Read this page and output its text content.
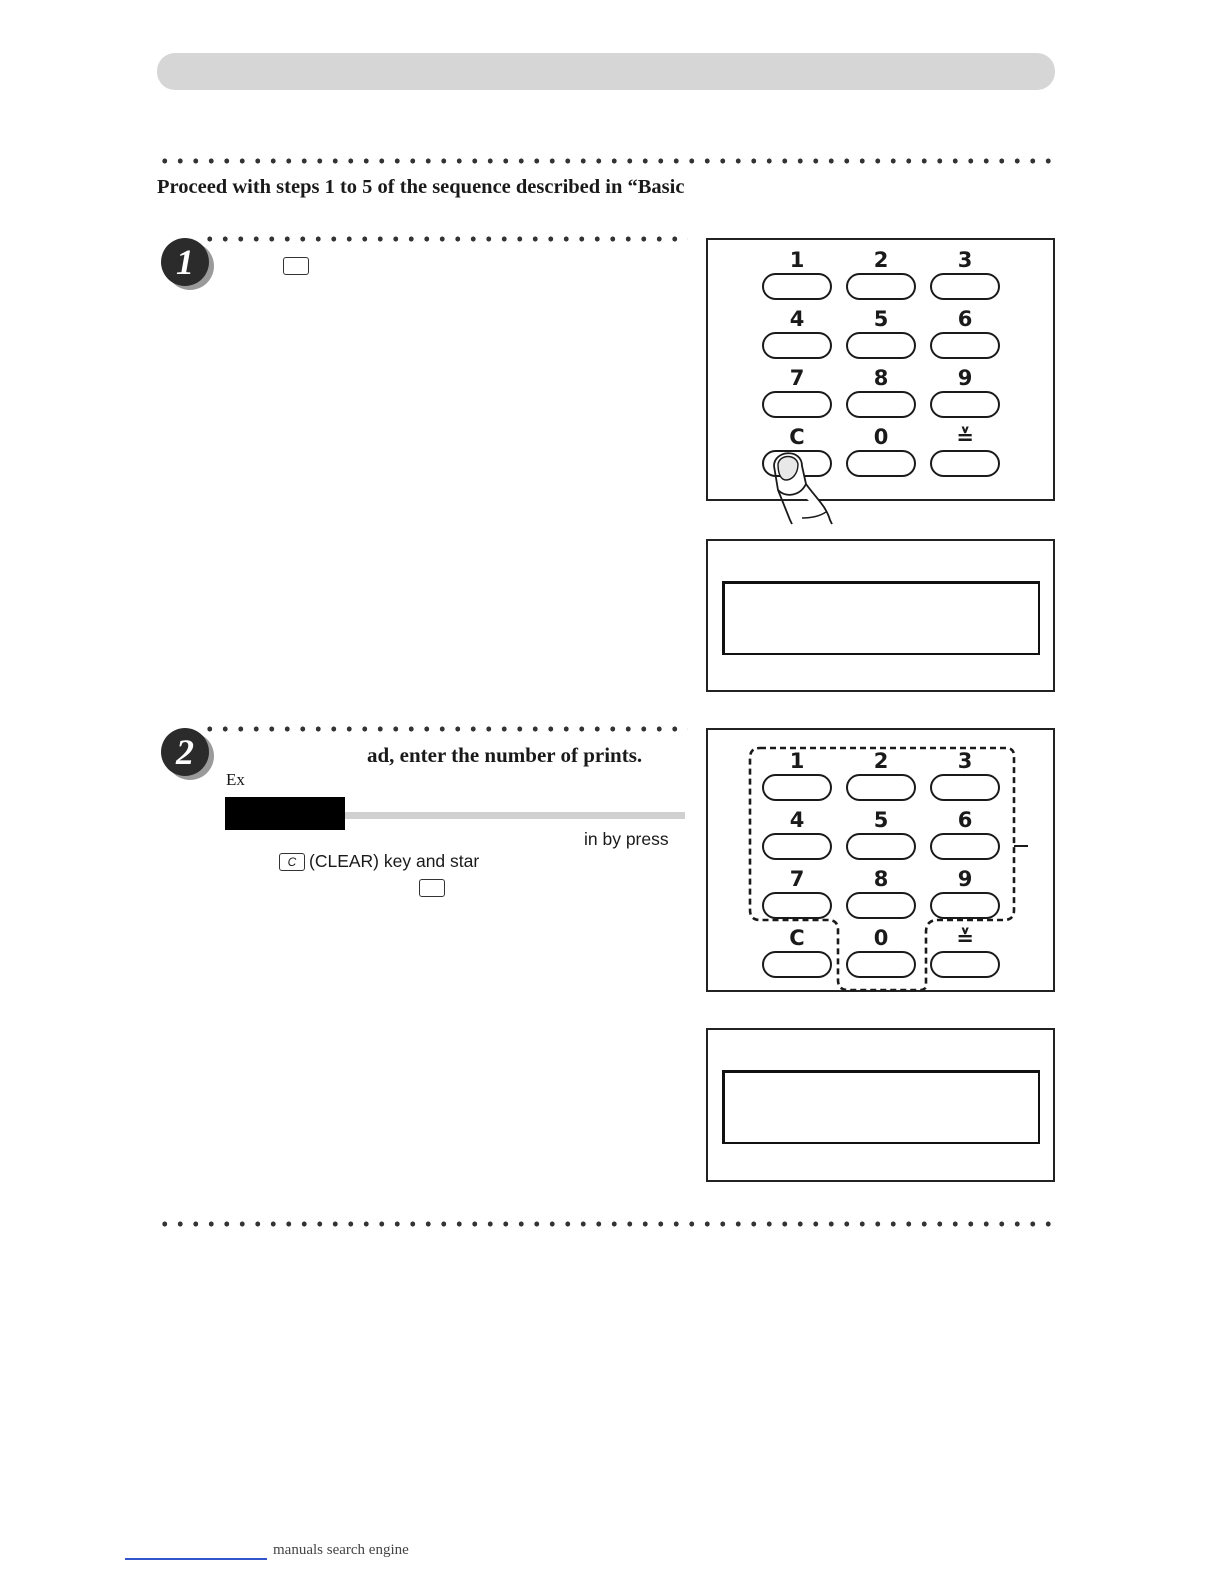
Proceed with steps 1 to 5 of the sequence described in “Basic
1	1	2	3
4	5	6
7	8	9
C	0	≚
2	ad, enter the number of prints.
Ex
in by press
C (CLEAR) key and star
1	2	3
4	5	6
7	8	9
C	0	≚
manuals search engine
